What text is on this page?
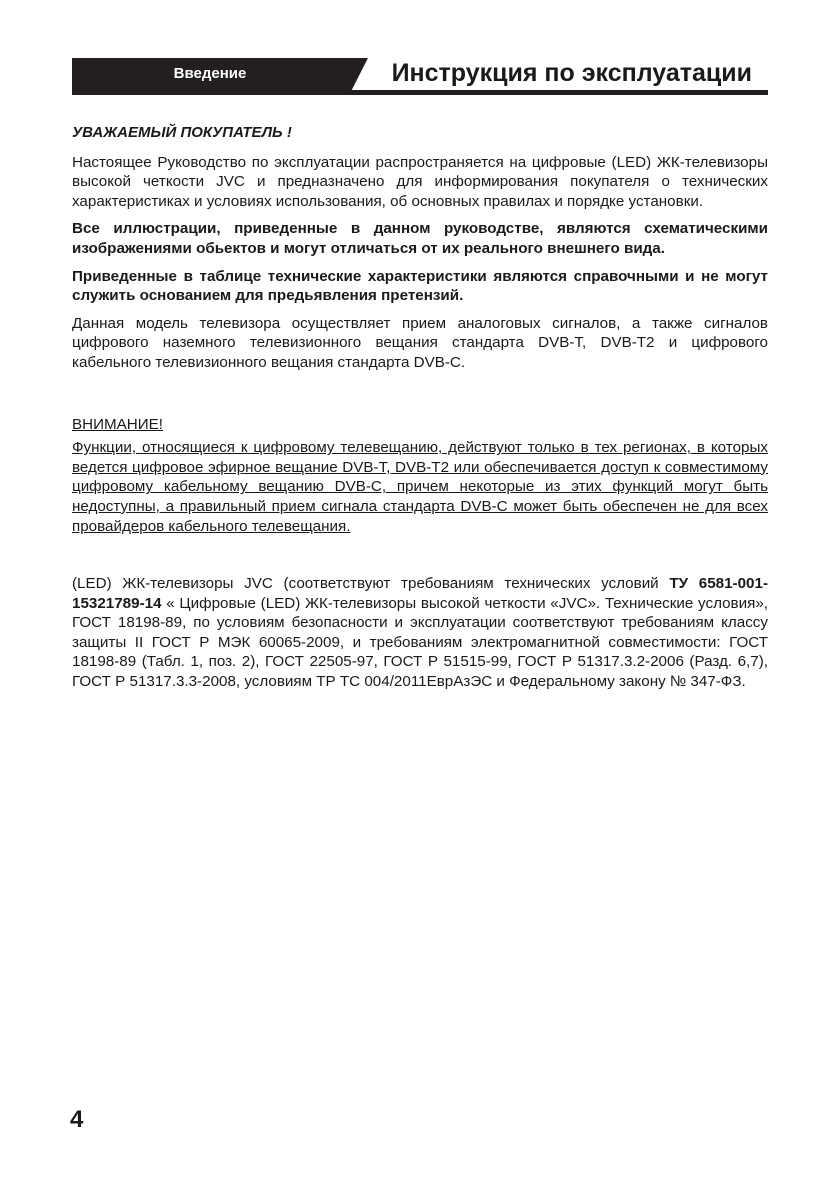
Введение	Инструкция по эксплуатации

УВАЖАЕМЫЙ ПОКУПАТЕЛЬ !

Настоящее Руководство по эксплуатации распространяется на цифровые (LED) ЖК-телевизоры высокой четкости JVC и предназначено для информирования покупателя о технических характеристиках и условиях использования, об основных правилах и порядке установки.

Все иллюстрации, приведенные в данном руководстве, являются схематическими изображениями обьектов и могут отличаться от их реального внешнего вида.

Приведенные в таблице технические характеристики являются справочными и не могут служить основанием для предьявления претензий.

Данная модель телевизора осуществляет прием аналоговых сигналов, а также сигналов цифрового наземного телевизионного вещания стандарта DVB-T, DVB-T2 и цифрового кабельного телевизионного вещания стандарта DVB-C.

ВНИМАНИЕ!

Функции, относящиеся к цифровому телевещанию, действуют только в тех регионах, в которых ведется цифровое эфирное вещание DVB-T, DVB-T2 или обеспечивается доступ к совместимому цифровому кабельному вещанию DVB-C, причем некоторые из этих функций могут быть недоступны, а правильный прием сигнала стандарта DVB-C может быть обеспечен не для всех провайдеров кабельного телевещания.

(LED) ЖК-телевизоры JVC (соответствуют требованиям технических условий ТУ 6581-001-15321789-14 « Цифровые (LED) ЖК-телевизоры высокой четкости «JVC». Технические условия», ГОСТ 18198-89, по условиям безопасности и эксплуатации соответствуют требованиям классу защиты II ГОСТ Р МЭК 60065-2009, и требованиям электромагнитной совместимости: ГОСТ 18198-89 (Табл. 1, поз. 2), ГОСТ 22505-97, ГОСТ Р 51515-99, ГОСТ Р 51317.3.2-2006 (Разд. 6,7), ГОСТ Р 51317.3.3-2008, условиям ТР ТС 004/2011ЕврАзЭС и Федеральному закону № 347-ФЗ.

4
